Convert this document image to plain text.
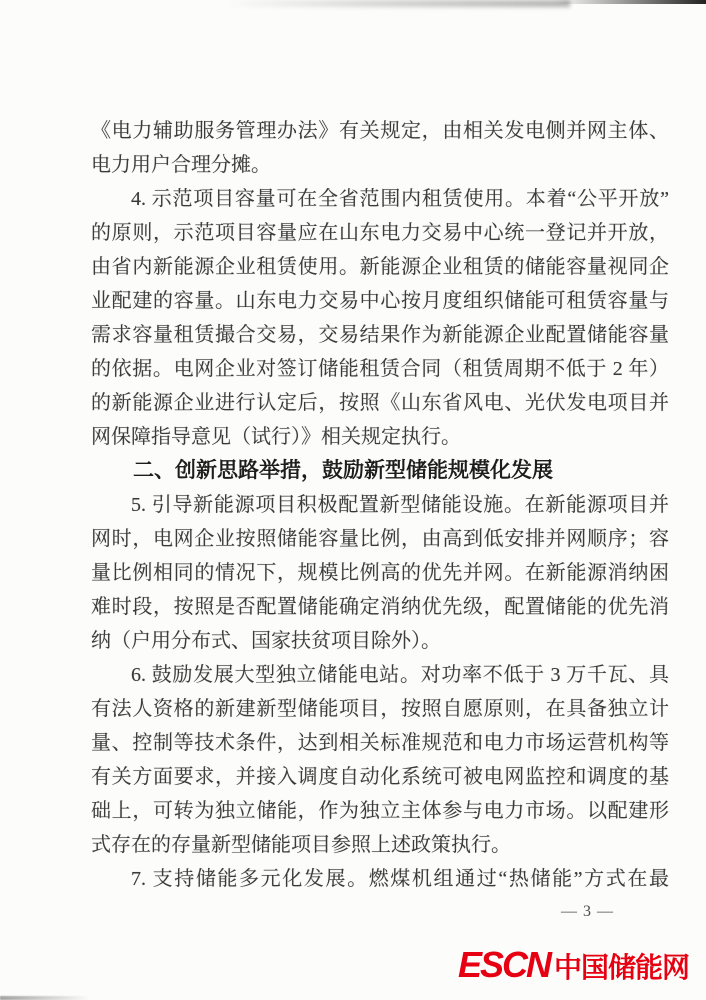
《电力辅助服务管理办法》有关规定，由相关发电侧并网主体、
电力用户合理分摊。
4. 示范项目容量可在全省范围内租赁使用。本着“公平开放”
的原则，示范项目容量应在山东电力交易中心统一登记并开放，
由省内新能源企业租赁使用。新能源企业租赁的储能容量视同企
业配建的容量。山东电力交易中心按月度组织储能可租赁容量与
需求容量租赁撮合交易，交易结果作为新能源企业配置储能容量
的依据。电网企业对签订储能租赁合同（租赁周期不低于 2 年）
的新能源企业进行认定后，按照《山东省风电、光伏发电项目并
网保障指导意见（试行）》相关规定执行。
二、创新思路举措，鼓励新型储能规模化发展
5. 引导新能源项目积极配置新型储能设施。在新能源项目并
网时，电网企业按照储能容量比例，由高到低安排并网顺序；容
量比例相同的情况下，规模比例高的优先并网。在新能源消纳困
难时段，按照是否配置储能确定消纳优先级，配置储能的优先消
纳（户用分布式、国家扶贫项目除外）。
6. 鼓励发展大型独立储能电站。对功率不低于 3 万千瓦、具
有法人资格的新建新型储能项目，按照自愿原则，在具备独立计
量、控制等技术条件，达到相关标准规范和电力市场运营机构等
有关方面要求，并接入调度自动化系统可被电网监控和调度的基
础上，可转为独立储能，作为独立主体参与电力市场。以配建形
式存在的存量新型储能项目参照上述政策执行。
7. 支持储能多元化发展。燃煤机组通过“热储能”方式在最
— 3 —
ESCN 中国储能网
